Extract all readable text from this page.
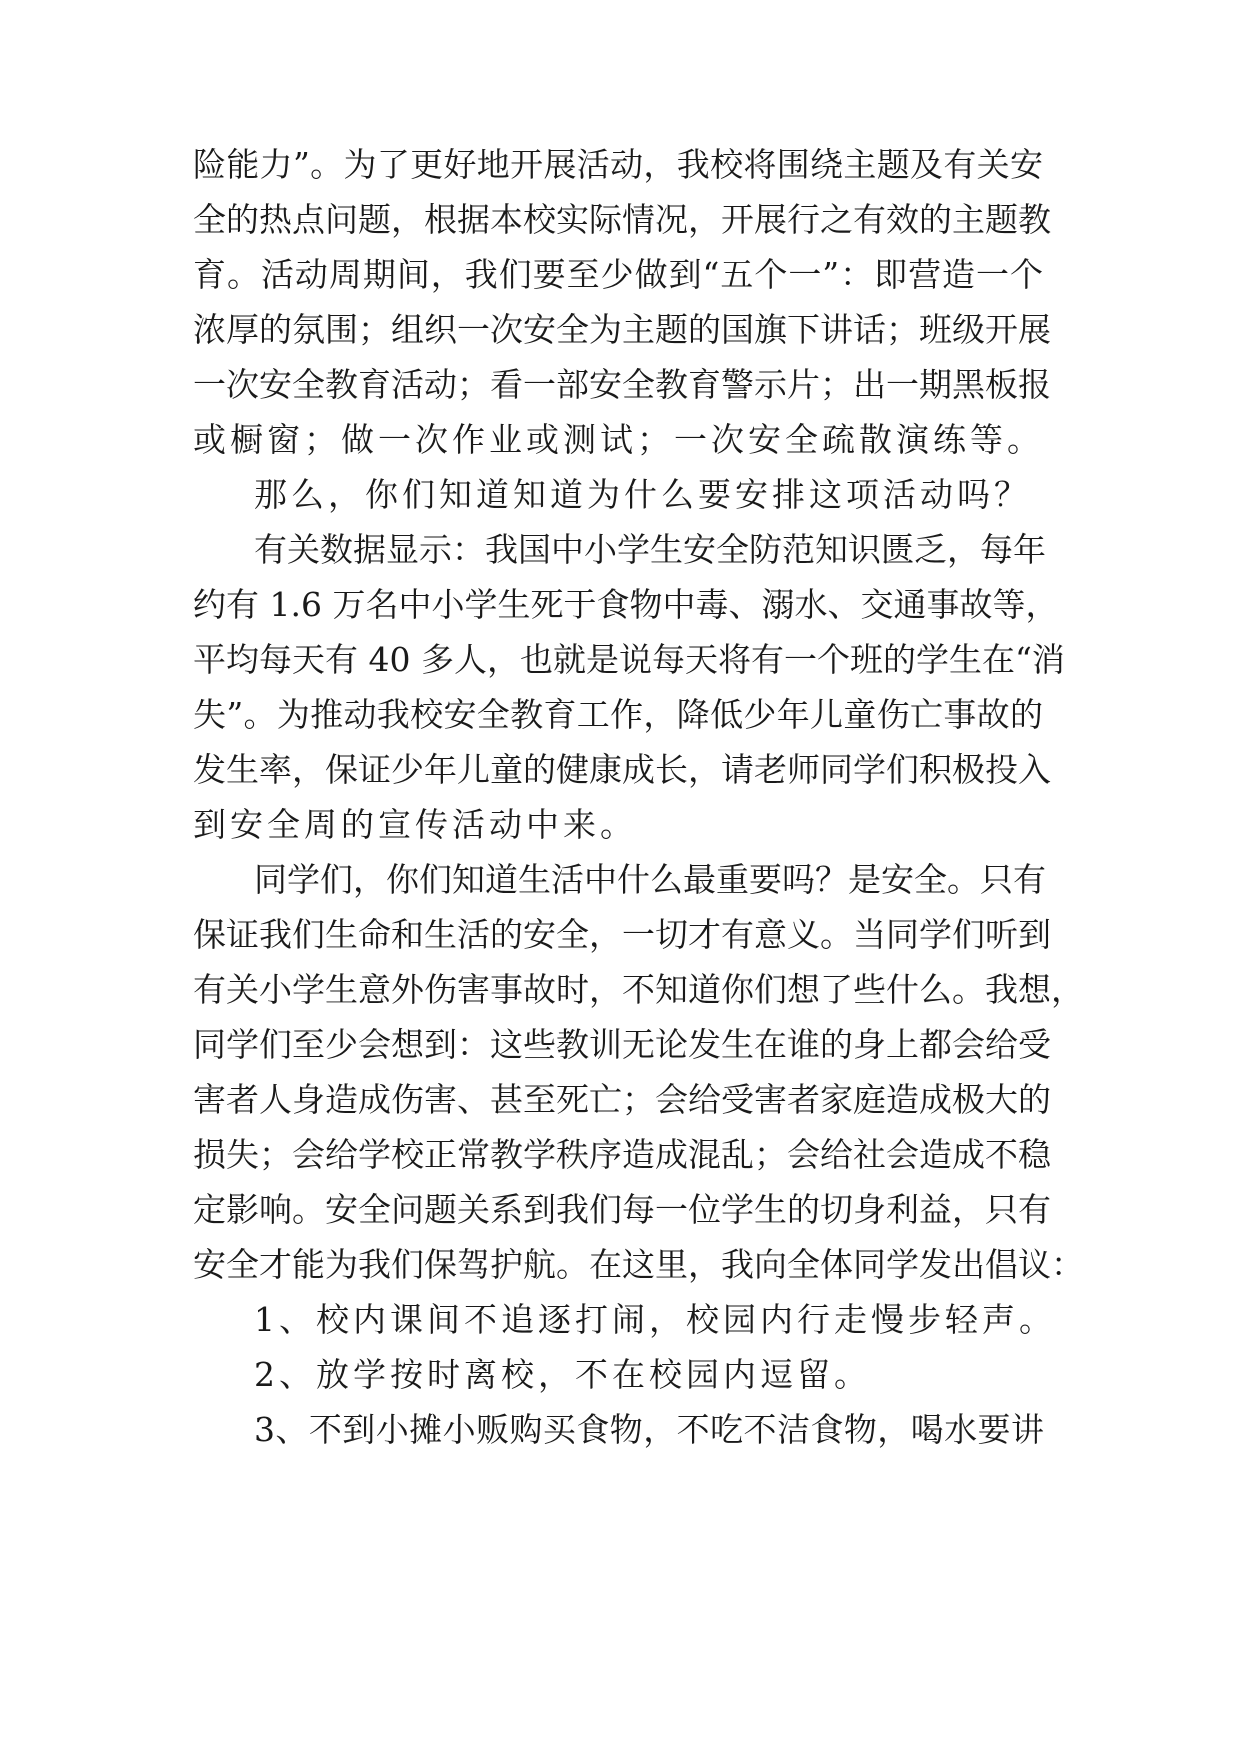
险能力”。为了更好地开展活动，我校将围绕主题及有关安
全的热点问题，根据本校实际情况，开展行之有效的主题教
育。活动周期间，我们要至少做到“五个一”：即营造一个
浓厚的氛围；组织一次安全为主题的国旗下讲话；班级开展
一次安全教育活动；看一部安全教育警示片；出一期黑板报
或橱窗；做一次作业或测试；一次安全疏散演练等。
那么，你们知道知道为什么要安排这项活动吗？
有关数据显示：我国中小学生安全防范知识匮乏，每年
约有 1.6 万名中小学生死于食物中毒、溺水、交通事故等，
平均每天有 40 多人，也就是说每天将有一个班的学生在“消
失”。为推动我校安全教育工作，降低少年儿童伤亡事故的
发生率，保证少年儿童的健康成长，请老师同学们积极投入
到安全周的宣传活动中来。
同学们，你们知道生活中什么最重要吗？是安全。只有
保证我们生命和生活的安全，一切才有意义。当同学们听到
有关小学生意外伤害事故时，不知道你们想了些什么。我想，
同学们至少会想到：这些教训无论发生在谁的身上都会给受
害者人身造成伤害、甚至死亡；会给受害者家庭造成极大的
损失；会给学校正常教学秩序造成混乱；会给社会造成不稳
定影响。安全问题关系到我们每一位学生的切身利益，只有
安全才能为我们保驾护航。在这里，我向全体同学发出倡议：
1、校内课间不追逐打闹，校园内行走慢步轻声。
2、放学按时离校，不在校园内逗留。
3、不到小摊小贩购买食物，不吃不洁食物，喝水要讲
